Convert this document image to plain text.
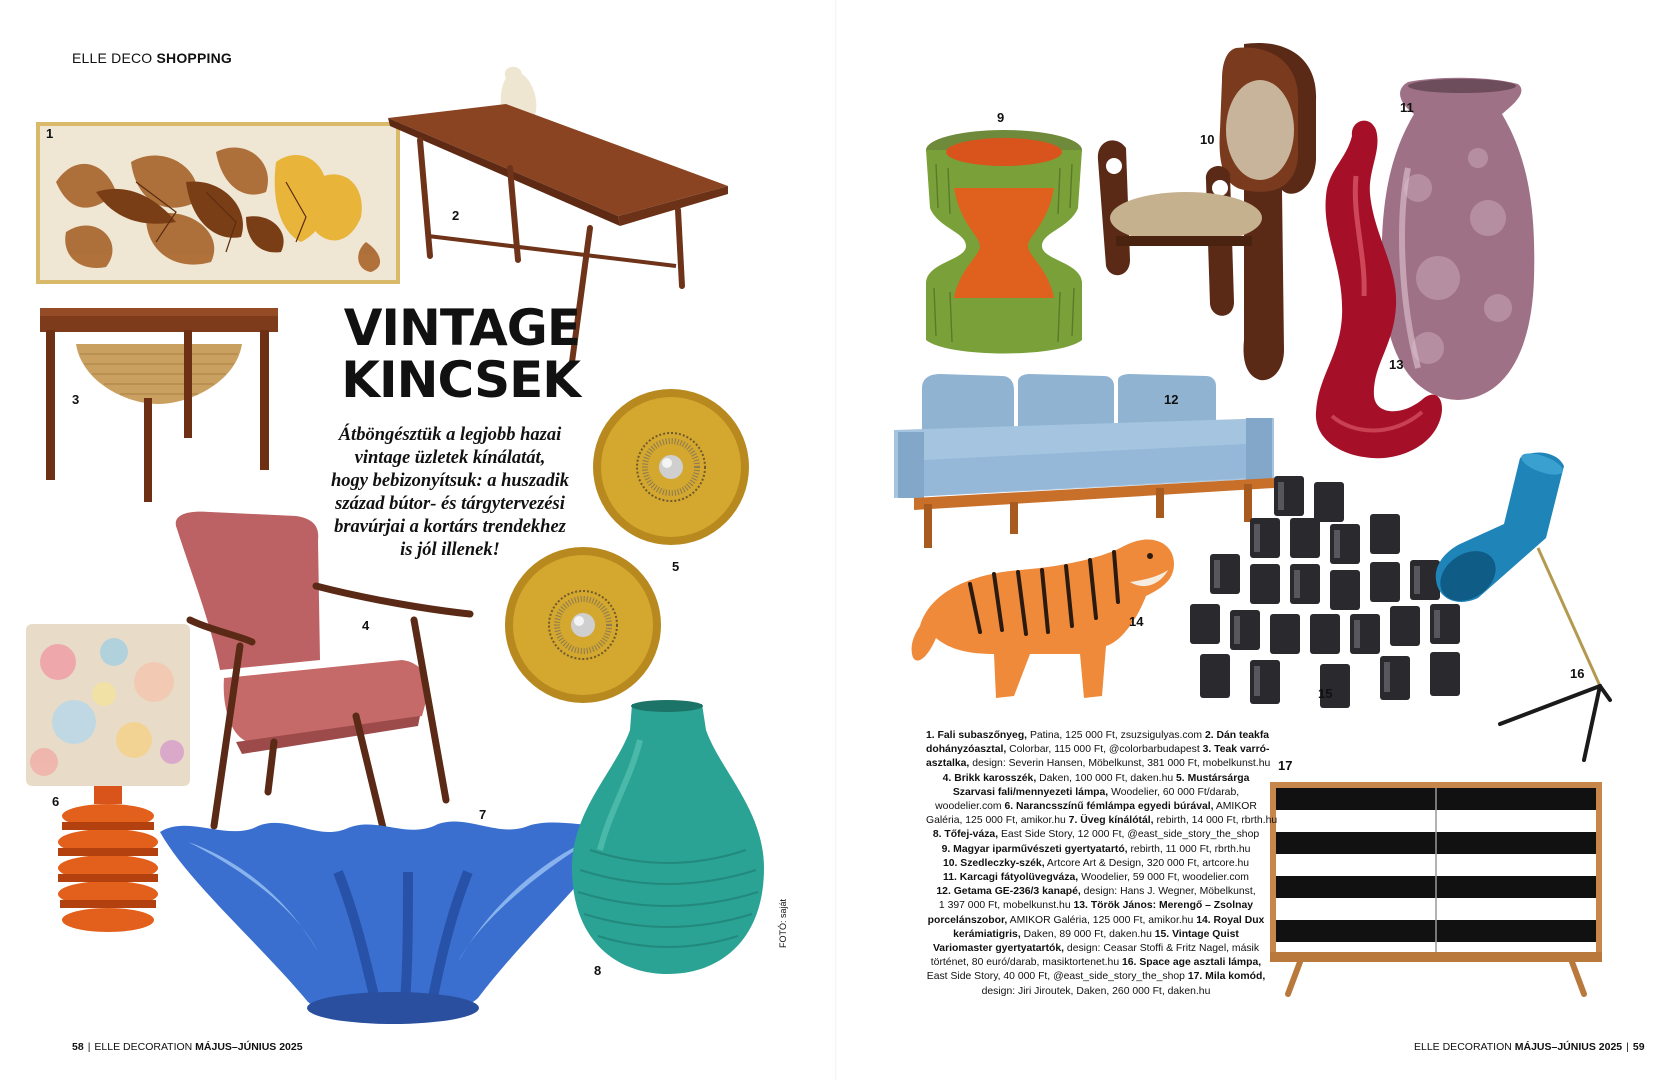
ELLE DECO SHOPPING
1
2
3
VINTAGE
KINCSEK
Átböngésztük a legjobb hazai
vintage üzletek kínálatát,
hogy bebizonyítsuk: a huszadik
század bútor- és tárgytervezési
bravúrjai a kortárs trendekhez
is jól illenek!
5
4
6
7
8
FOTÓ: saját
58 | ELLE DECORATION MÁJUS–JÚNIUS 2025
9
10
11
13
12
14
15
16
17
1. Fali subaszőnyeg, Patina, 125 000 Ft, zsuzsigulyas.com 2. Dán teakfa
dohányzóasztal, Colorbar, 115 000 Ft, @colorbarbudapest 3. Teak varró-
asztalka, design: Severin Hansen, Möbelkunst, 381 000 Ft, mobelkunst.hu
4. Brikk karosszék, Daken, 100 000 Ft, daken.hu 5. Mustársárga
Szarvasi fali/mennyezeti lámpa, Woodelier, 60 000 Ft/darab,
woodelier.com 6. Narancsszínű fémlámpa egyedi búrával, AMIKOR
Galéria, 125 000 Ft, amikor.hu 7. Üveg kínálótál, rebirth, 14 000 Ft, rbrth.hu
8. Tőfej-váza, East Side Story, 12 000 Ft, @east_side_story_the_shop
9. Magyar iparművészeti gyertyatartó, rebirth, 11 000 Ft, rbrth.hu
10. Szedleczky-szék, Artcore Art & Design, 320 000 Ft, artcore.hu
11. Karcagi fátyolüvegváza, Woodelier, 59 000 Ft, woodelier.com
12. Getama GE-236/3 kanapé, design: Hans J. Wegner, Möbelkunst,
1 397 000 Ft, mobelkunst.hu 13. Török János: Merengő – Zsolnay
porcelánszobor, AMIKOR Galéria, 125 000 Ft, amikor.hu 14. Royal Dux
kerámiatigris, Daken, 89 000 Ft, daken.hu 15. Vintage Quist
Variomaster gyertyatartók, design: Ceasar Stoffi & Fritz Nagel, másik
történet, 80 euró/darab, masiktortenet.hu 16. Space age asztali lámpa,
East Side Story, 40 000 Ft, @east_side_story_the_shop 17. Mila komód,
design: Jiri Jiroutek, Daken, 260 000 Ft, daken.hu
ELLE DECORATION MÁJUS–JÚNIUS 2025 | 59
